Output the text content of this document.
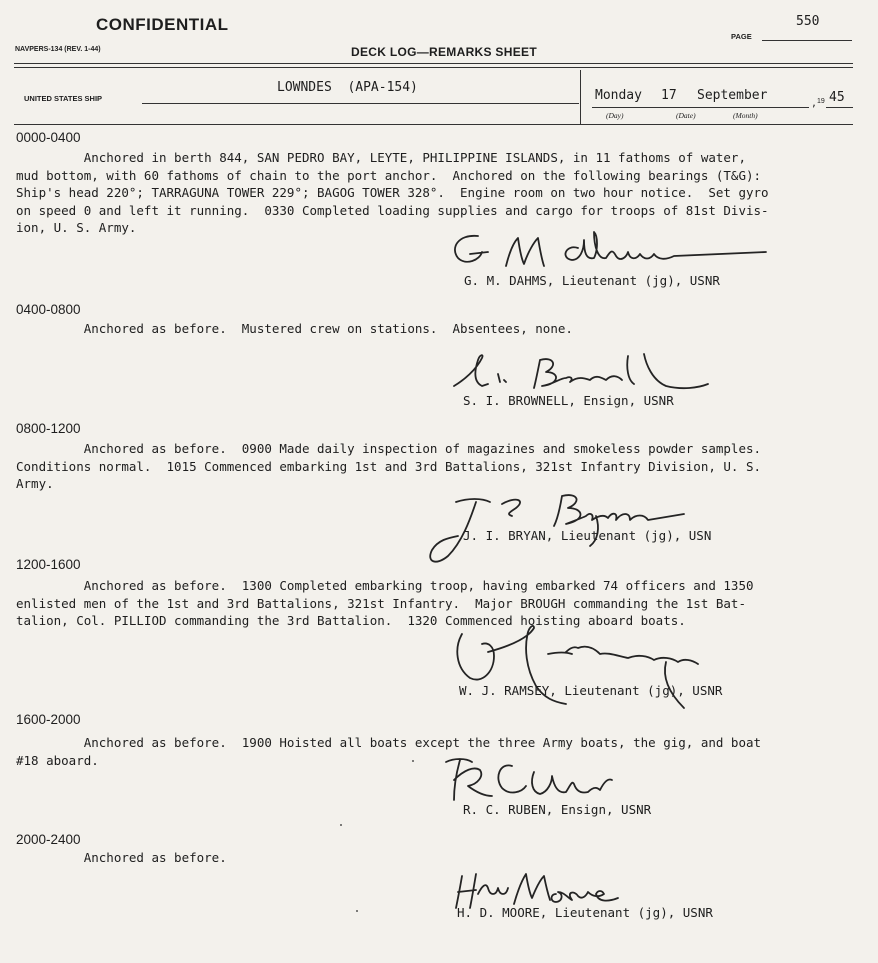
CONFIDENTIAL
NAVPERS-134 (REV. 1-44)	DECK LOG—REMARKS SHEET
PAGE
550
UNITED STATES SHIP
LOWNDES  (APA-154)
Monday 17 September
(Day)	(Date)	(Month)
, 19 45
0000-0400
Anchored in berth 844, SAN PEDRO BAY, LEYTE, PHILIPPINE ISLANDS, in 11 fathoms of water,
mud bottom, with 60 fathoms of chain to the port anchor.  Anchored on the following bearings (T&G):
Ship's head 220°; TARRAGUNA TOWER 229°; BAGOG TOWER 328°.  Engine room on two hour notice.  Set gyro
on speed 0 and left it running.  0330 Completed loading supplies and cargo for troops of 81st Divis-
ion, U. S. Army.
G. M. DAHMS, Lieutenant (jg), USNR
0400-0800
Anchored as before.  Mustered crew on stations.  Absentees, none.
S. I. BROWNELL, Ensign, USNR
0800-1200
Anchored as before.  0900 Made daily inspection of magazines and smokeless powder samples.
Conditions normal.  1015 Commenced embarking 1st and 3rd Battalions, 321st Infantry Division, U. S.
Army.
J. I. BRYAN, Lieutenant (jg), USN
1200-1600
Anchored as before.  1300 Completed embarking troop, having embarked 74 officers and 1350
enlisted men of the 1st and 3rd Battalions, 321st Infantry.  Major BROUGH commanding the 1st Bat-
talion, Col. PILLIOD commanding the 3rd Battalion.  1320 Commenced hoisting aboard boats.
W. J. RAMSEY, Lieutenant (jg), USNR
1600-2000
Anchored as before.  1900 Hoisted all boats except the three Army boats, the gig, and boat
#18 aboard.
R. C. RUBEN, Ensign, USNR
2000-2400
Anchored as before.
H. D. MOORE, Lieutenant (jg), USNR
